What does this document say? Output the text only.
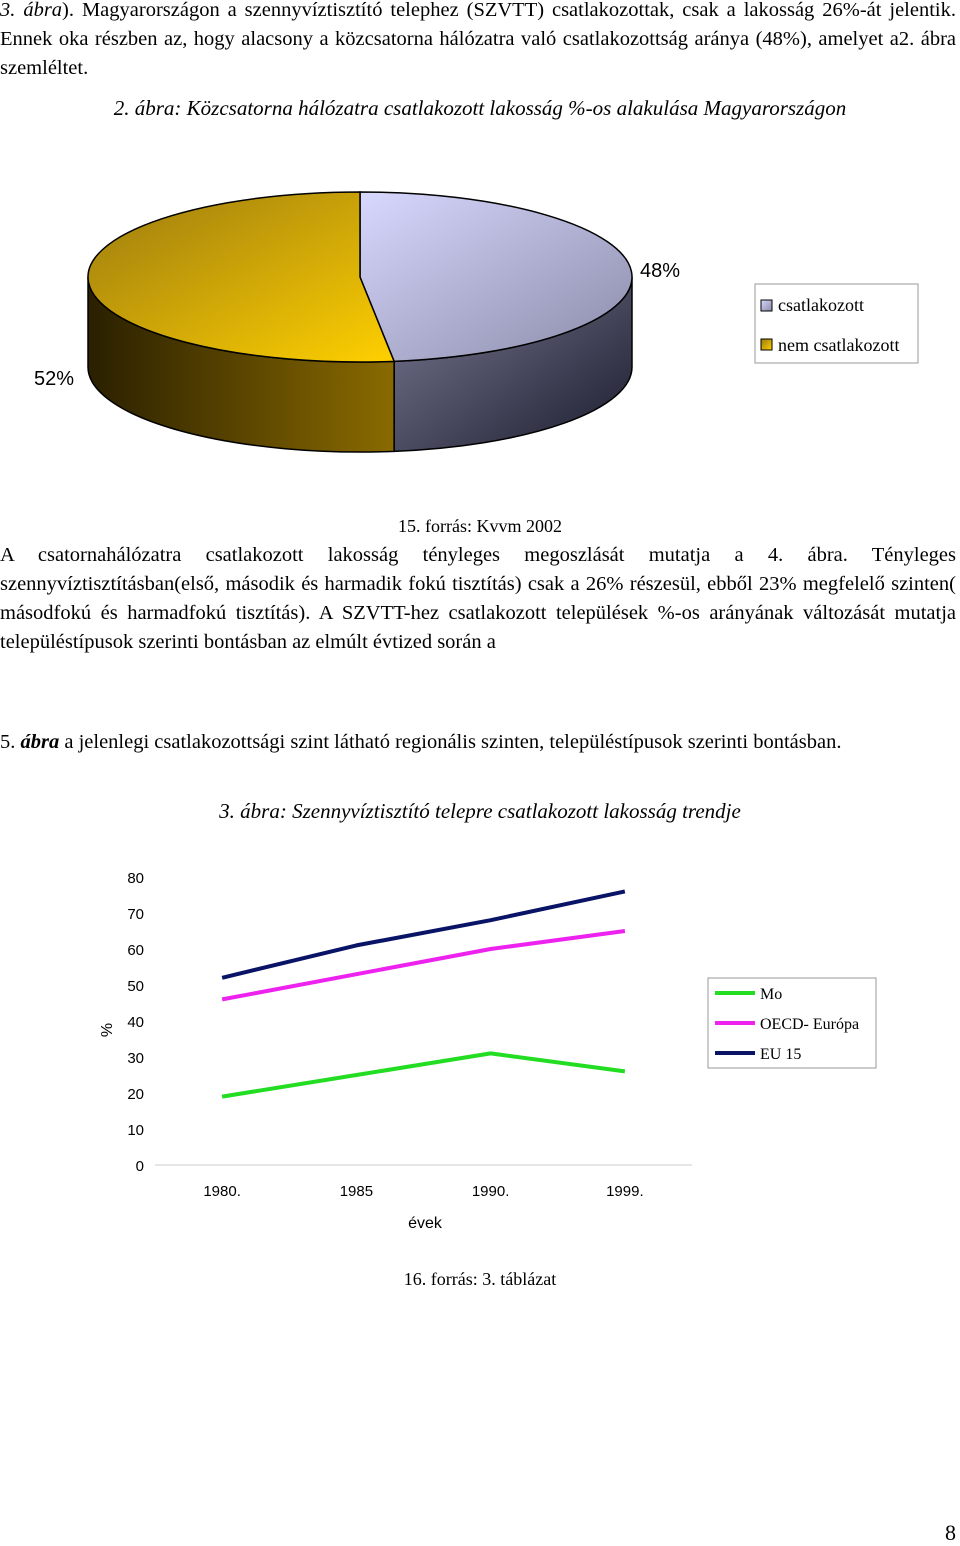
3. ábra). Magyarországon a szennyvíztisztító telephez (SZVTT) csatlakozottak, csak a lakosság 26%-át jelentik. Ennek oka részben az, hogy alacsony a közcsatorna hálózatra való csatlakozottság aránya (48%), amelyet a2. ábra szemléltet.
2. ábra: Közcsatorna hálózatra csatlakozott lakosság %-os alakulása Magyarországon
48%
52%
csatlakozott
nem csatlakozott
15. forrás: Kvvm 2002
A csatornahálózatra csatlakozott lakosság tényleges megoszlását mutatja a 4. ábra. Tényleges szennyvíztisztításban(első, második és harmadik fokú tisztítás) csak a 26% részesül, ebből 23% megfelelő szinten( másodfokú és harmadfokú tisztítás). A SZVTT-hez csatlakozott települések %-os arányának változását mutatja településtípusok szerinti bontásban az elmúlt évtized során a
5. ábra a jelenlegi csatlakozottsági szint látható regionális szinten, településtípusok szerinti bontásban.
3. ábra: Szennyvíztisztító telepre csatlakozott lakosság trendje
0
10
20
30
40
50
60
70
80
1980.	1985	1990.	1999.
%
évek
Mo
OECD- Európa
EU 15
16. forrás: 3. táblázat
8
